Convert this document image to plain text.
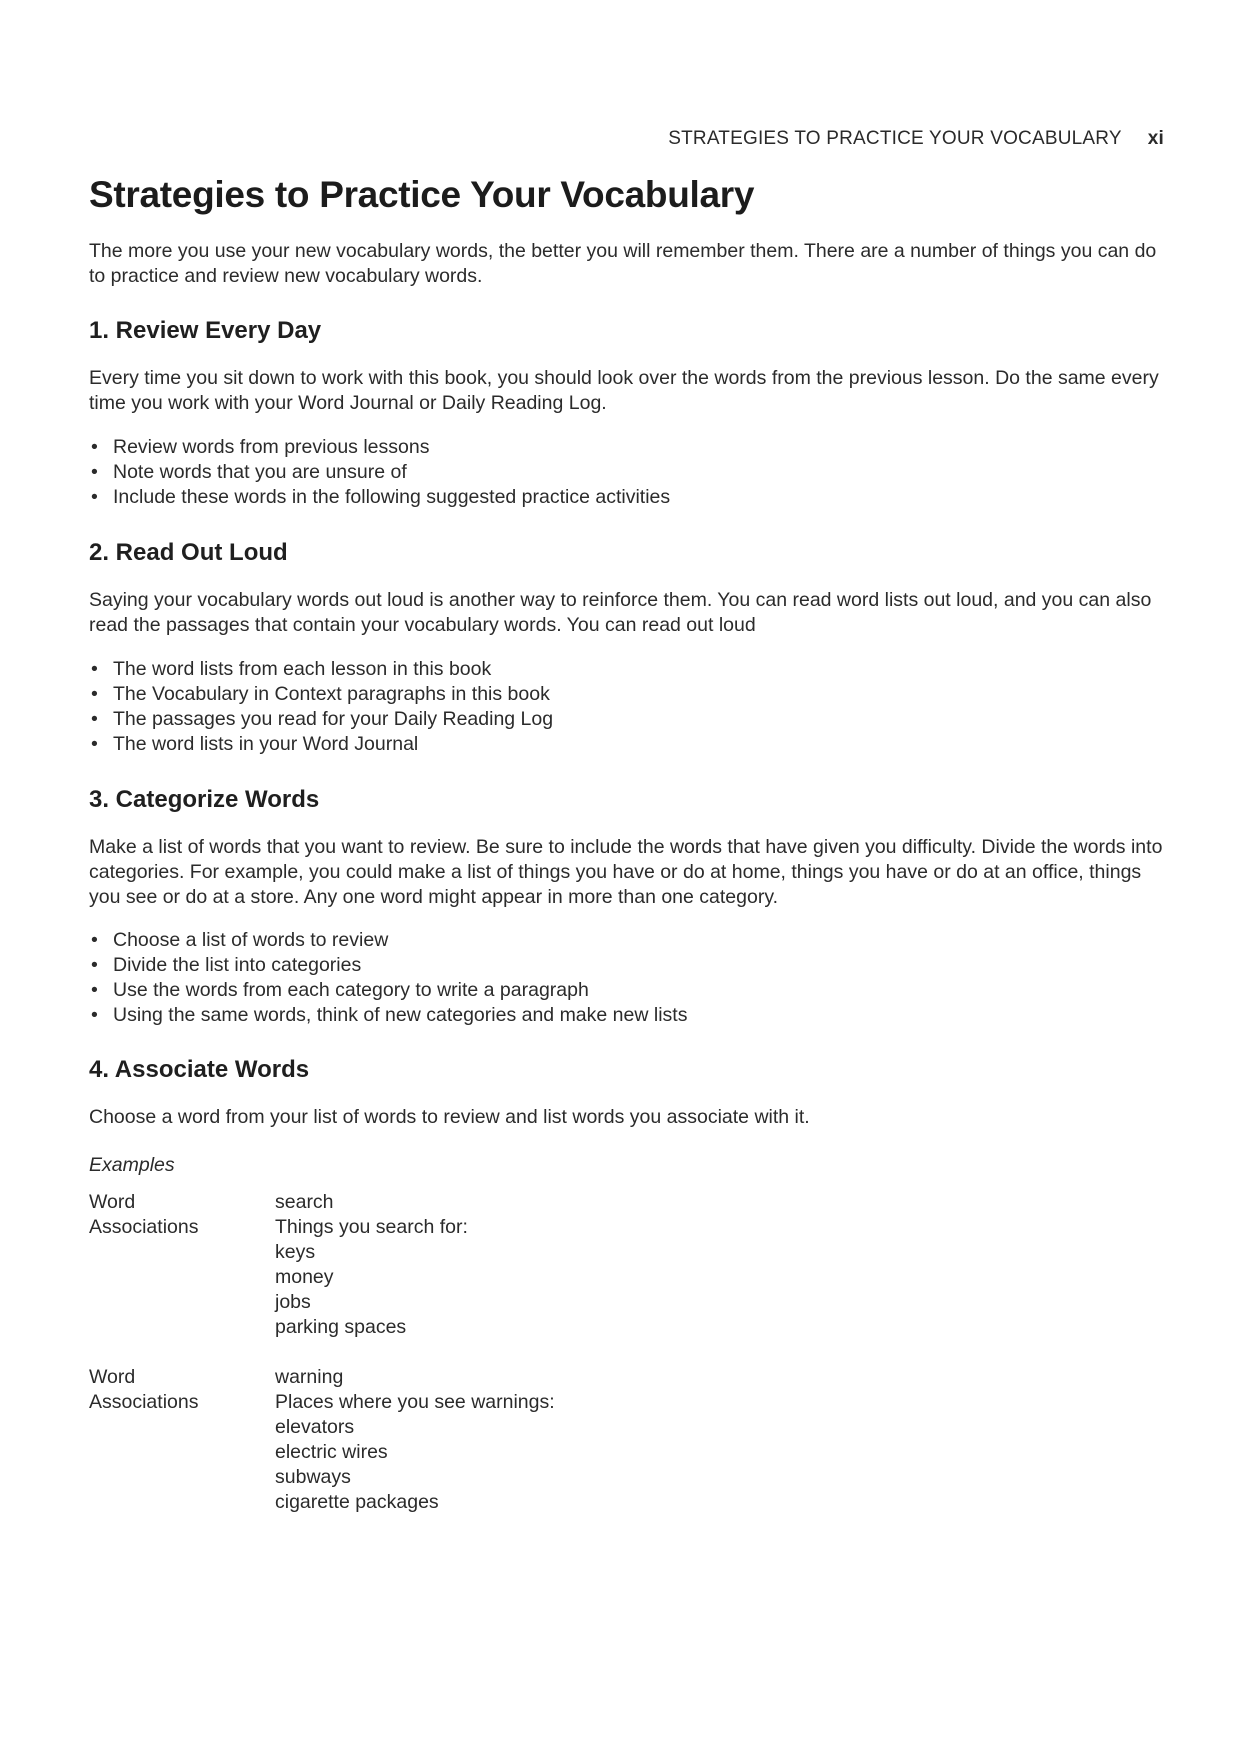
STRATEGIES TO PRACTICE YOUR VOCABULARY xi
Strategies to Practice Your Vocabulary

The more you use your new vocabulary words, the better you will remember them. There are a number of things you can do to practice and review new vocabulary words.

1. Review Every Day

Every time you sit down to work with this book, you should look over the words from the previous lesson. Do the same every time you work with your Word Journal or Daily Reading Log.

• Review words from previous lessons
• Note words that you are unsure of
• Include these words in the following suggested practice activities
2. Read Out Loud

Saying your vocabulary words out loud is another way to reinforce them. You can read word lists out loud, and you can also read the passages that contain your vocabulary words. You can read out loud

• The word lists from each lesson in this book
• The Vocabulary in Context paragraphs in this book
• The passages you read for your Daily Reading Log
• The word lists in your Word Journal
3. Categorize Words

Make a list of words that you want to review. Be sure to include the words that have given you difficulty. Divide the words into categories. For example, you could make a list of things you have or do at home, things you have or do at an office, things you see or do at a store. Any one word might appear in more than one category.

• Choose a list of words to review
• Divide the list into categories
• Use the words from each category to write a paragraph
• Using the same words, think of new categories and make new lists
4. Associate Words

Choose a word from your list of words to review and list words you associate with it.

Examples
Word	search
Associations	Things you search for:
keys
money
jobs
parking spaces
Word	warning
Associations	Places where you see warnings:
elevators
electric wires
subways
cigarette packages
